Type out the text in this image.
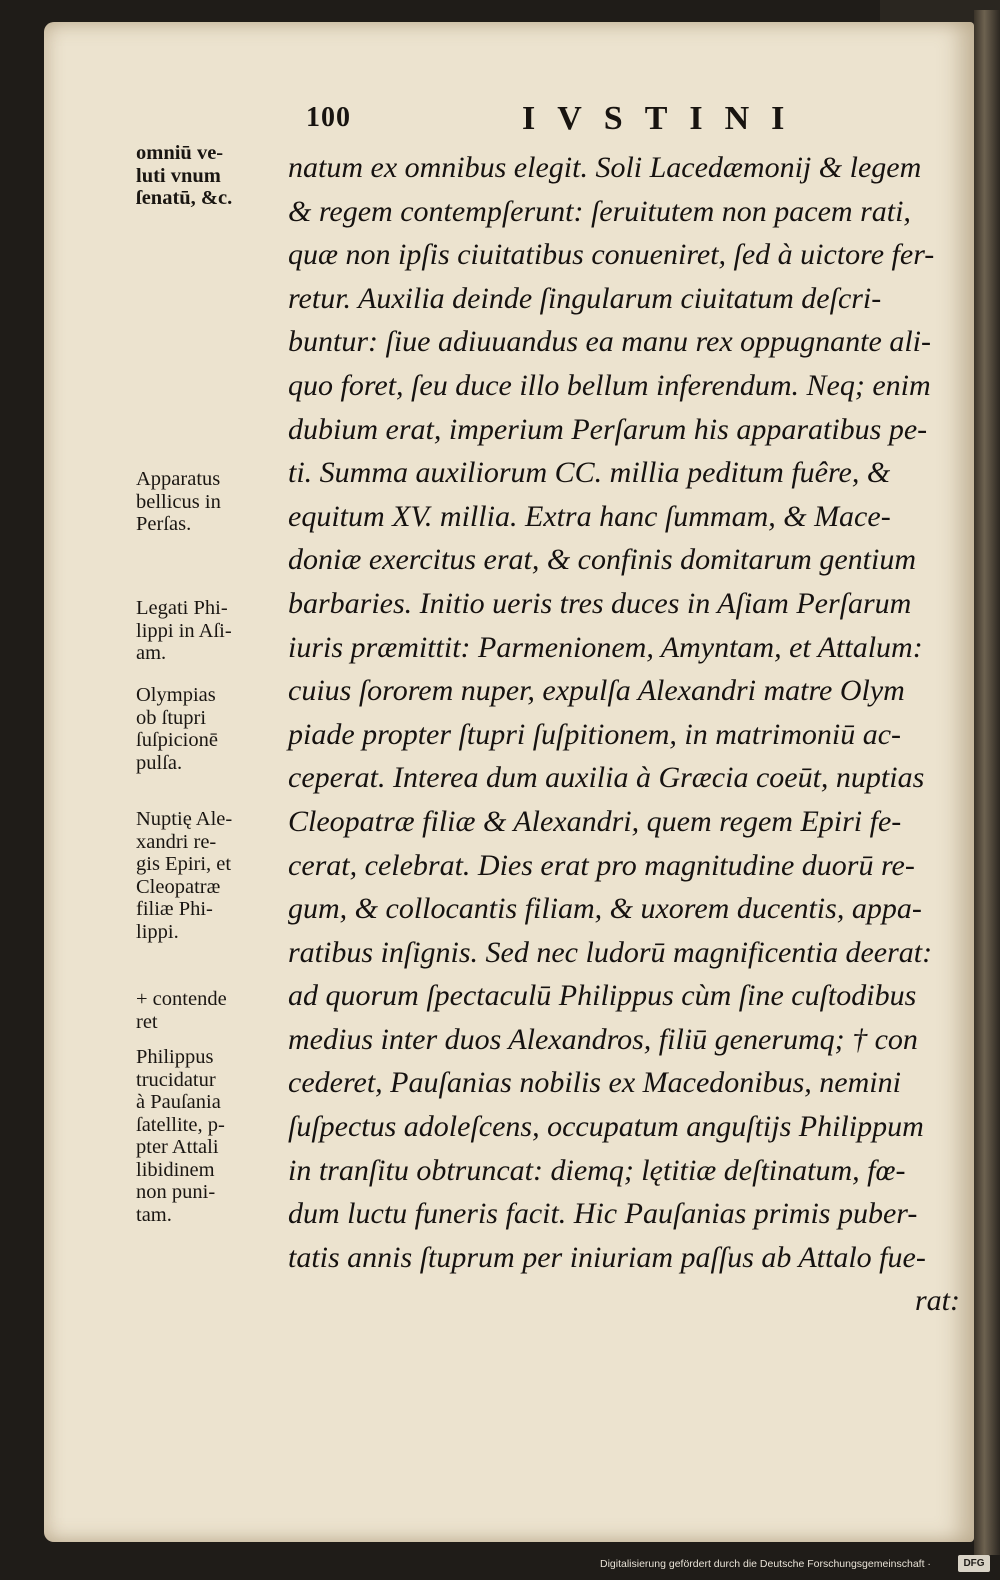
100	IVSTINI
natum ex omnibus elegit. Soli Lacedæmonij & legem
& regem contempſerunt: ſeruitutem non pacem rati,
quæ non ipſis ciuitatibus conueniret, ſed à uictore fer-
retur. Auxilia deinde ſingularum ciuitatum deſcri-
buntur: ſiue adiuuandus ea manu rex oppugnante ali-
quo foret, ſeu duce illo bellum inferendum. Neq; enim
dubium erat, imperium Perſarum his apparatibus pe-
ti. Summa auxiliorum CC. millia peditum fuêre, &
equitum XV. millia. Extra hanc ſummam, & Mace-
doniæ exercitus erat, & confinis domitarum gentium
barbaries. Initio ueris tres duces in Aſiam Perſarum
iuris præmittit: Parmenionem, Amyntam, et Attalum:
cuius ſororem nuper, expulſa Alexandri matre Olym
piade propter ſtupri ſuſpitionem, in matrimoniū ac-
ceperat. Interea dum auxilia à Græcia coeūt, nuptias
Cleopatræ filiæ & Alexandri, quem regem Epiri fe-
cerat, celebrat. Dies erat pro magnitudine duorū re-
gum, & collocantis filiam, & uxorem ducentis, appa-
ratibus inſignis. Sed nec ludorū magnificentia deerat:
ad quorum ſpectaculū Philippus cùm ſine cuſtodibus
medius inter duos Alexandros, filiū generumq; † con
cederet, Pauſanias nobilis ex Macedonibus, nemini
ſuſpectus adoleſcens, occupatum anguſtijs Philippum
in tranſitu obtruncat: diemq; lętitiæ deſtinatum, fœ-
dum luctu funeris facit. Hic Pauſanias primis puber-
tatis annis ſtuprum per iniuriam paſſus ab Attalo fue-
rat:
omniū ve-
luti vnum
ſenatū, &c.
Apparatus
bellicus in
Perſas.
Legati Phi-
lippi in Aſi-
am.
Olympias
ob ſtupri
ſuſpicionē
pulſa.
Nuptię Ale-
xandri re-
gis Epiri, et
Cleopatræ
filiæ Phi-
lippi.
+ contende
ret
Philippus
trucidatur
à Pauſania
ſatellite, p-
pter Attali
libidinem
non puni-
tam.
Digitalisierung gefördert durch die Deutsche Forschungsgemeinschaft ·	DFG
